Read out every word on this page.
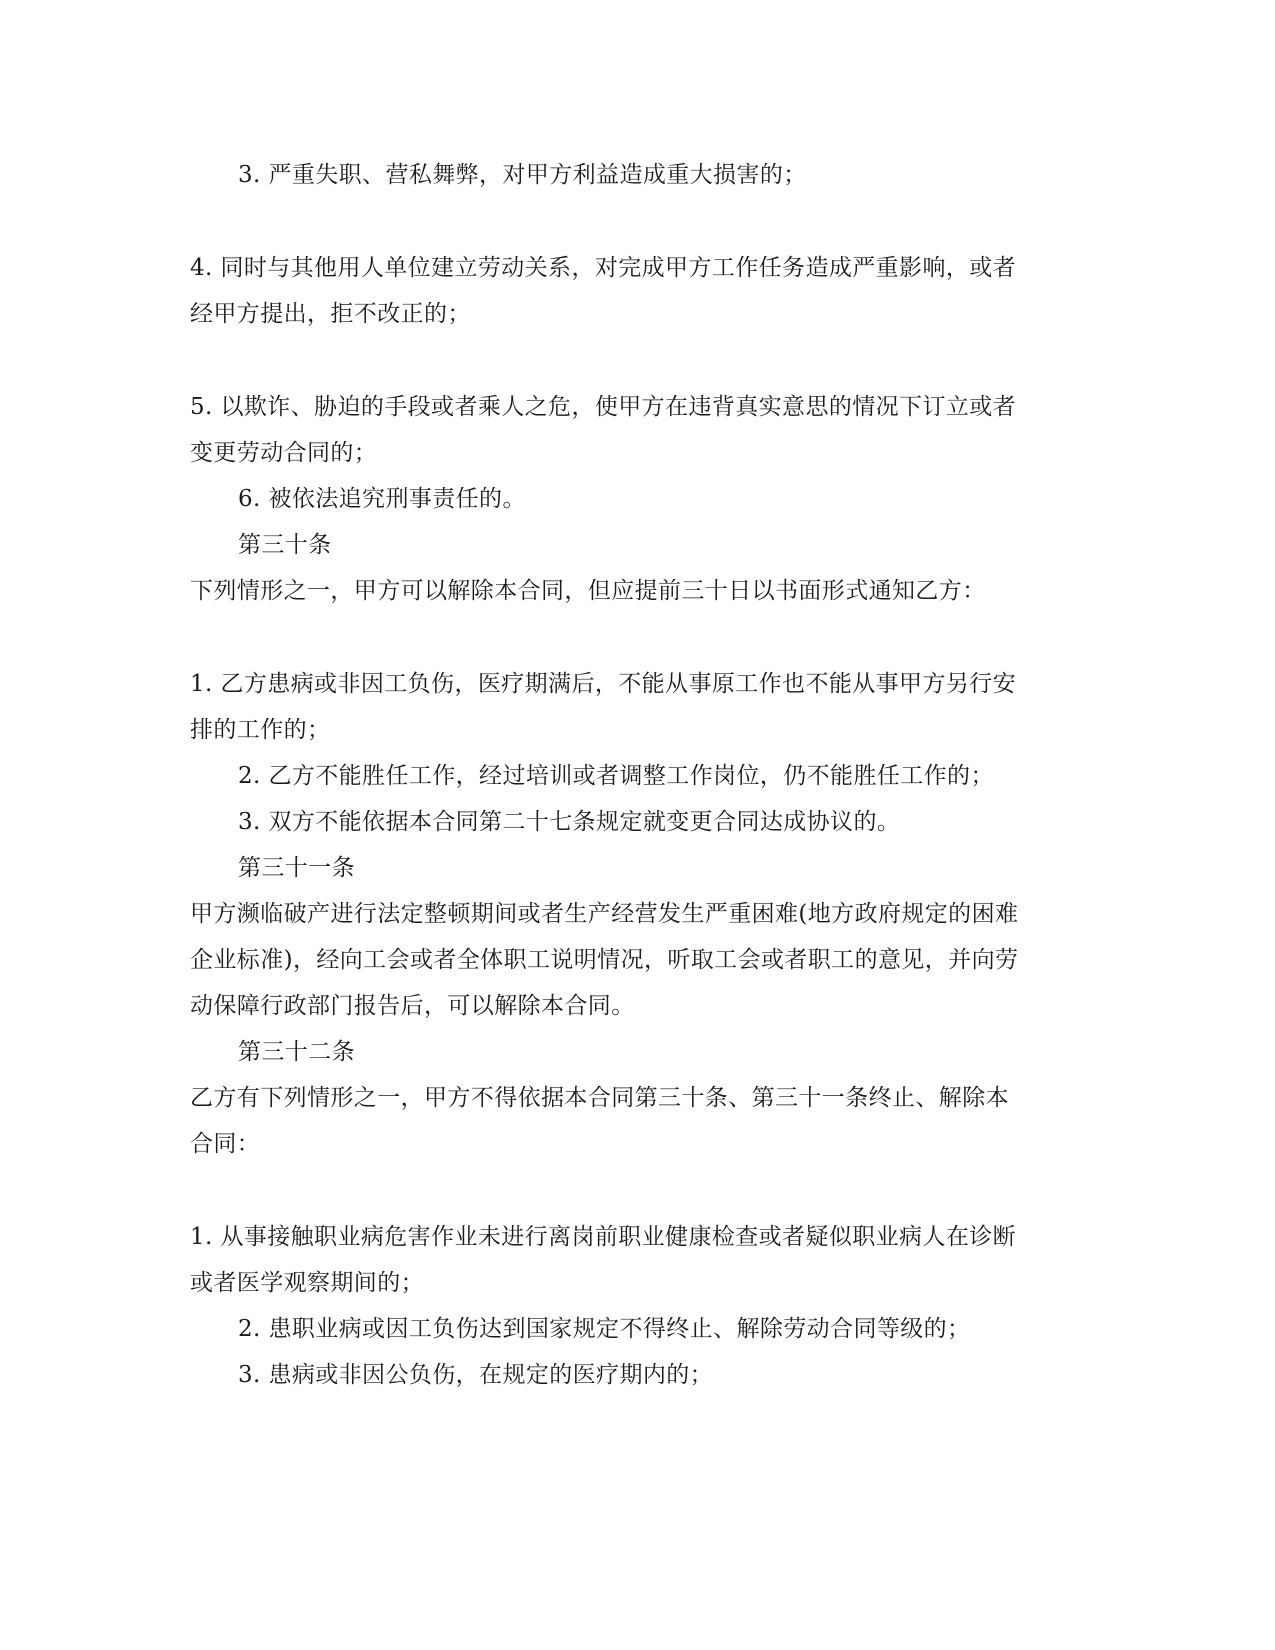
3. 严重失职、营私舞弊，对甲方利益造成重大损害的；
4. 同时与其他用人单位建立劳动关系，对完成甲方工作任务造成严重影响，或者
经甲方提出，拒不改正的；
5. 以欺诈、胁迫的手段或者乘人之危，使甲方在违背真实意思的情况下订立或者
变更劳动合同的；
6. 被依法追究刑事责任的。
第三十条
下列情形之一，甲方可以解除本合同，但应提前三十日以书面形式通知乙方：
1. 乙方患病或非因工负伤，医疗期满后，不能从事原工作也不能从事甲方另行安
排的工作的；
2. 乙方不能胜任工作，经过培训或者调整工作岗位，仍不能胜任工作的；
3. 双方不能依据本合同第二十七条规定就变更合同达成协议的。
第三十一条
甲方濒临破产进行法定整顿期间或者生产经营发生严重困难(地方政府规定的困难
企业标准)，经向工会或者全体职工说明情况，听取工会或者职工的意见，并向劳
动保障行政部门报告后，可以解除本合同。
第三十二条
乙方有下列情形之一，甲方不得依据本合同第三十条、第三十一条终止、解除本
合同：
1. 从事接触职业病危害作业未进行离岗前职业健康检查或者疑似职业病人在诊断
或者医学观察期间的；
2. 患职业病或因工负伤达到国家规定不得终止、解除劳动合同等级的；
3. 患病或非因公负伤，在规定的医疗期内的；
